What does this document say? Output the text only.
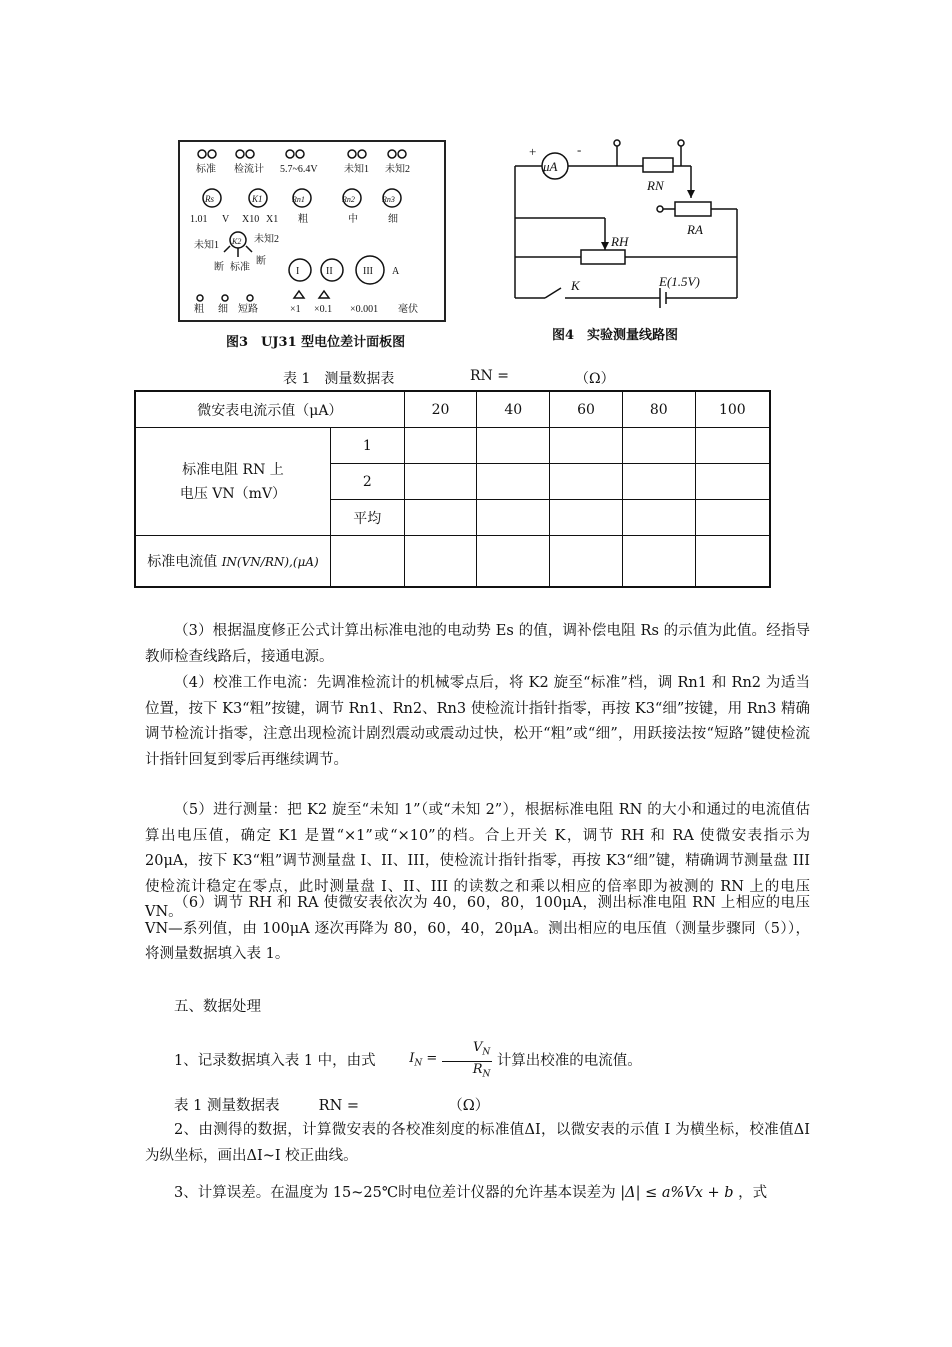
标准 检流计 5.7~6.4V	未知1 未知2
Rs	K1	Rn1	Rn2	Rn3
1.01 V X10 X1 粗	中	细
未知1 K2 未知2
断 标准
断
I	II	III A
粗 细 短路	×1 ×0.1 ×0.001 毫伏
图3　UJ31 型电位差计面板图
+	-
μA
RN
RA
RH
K	E(1.5V)
图4　实验测量线路图
表 1　测量数据表	RN =	（Ω）
微安表电流示值（μA）		20	40	60	80	100
标准电阻 RN 上
电压 VN（mV）	1					
	2					
	平均					
标准电流值 IN(VN/RN),(μA)						
（3）根据温度修正公式计算出标准电池的电动势 Es 的值，调补偿电阻 Rs 的示值为此值。经指导教师检查线路后，接通电源。
（4）校准工作电流：先调准检流计的机械零点后，将 K2 旋至“标准”档，调 Rn1 和 Rn2 为适当位置，按下 K3“粗”按键，调节 Rn1、Rn2、Rn3 使检流计指针指零，再按 K3“细”按键，用 Rn3 精确调节检流计指零，注意出现检流计剧烈震动或震动过快，松开“粗”或“细”，用跃接法按“短路”键使检流计指针回复到零后再继续调节。
（5）进行测量：把 K2 旋至“未知 1”（或“未知 2”），根据标准电阻 RN 的大小和通过的电流值估算出电压值，确定 K1 是置“×1”或“×10”的档。合上开关 K，调节 RH 和 RA 使微安表指示为 20μA，按下 K3“粗”调节测量盘 I、II、III，使检流计指针指零，再按 K3“细”键，精确调节测量盘 III 使检流计稳定在零点，此时测量盘 I、II、III 的读数之和乘以相应的倍率即为被测的 RN 上的电压 VN。
（6）调节 RH 和 RA 使微安表依次为 40，60，80，100μA，测出标准电阻 RN 上相应的电压 VN—系列值，由 100μA 逐次再降为 80，60，40，20μA。测出相应的电压值（测量步骤同（5）），将测量数据填入表 1。
五、数据处理
1、记录数据填入表 1 中，由式	$I_N = \frac{V_N}{R_N}$ 计算出校准的电流值。
表 1 测量数据表	RN =	（Ω）
2、由测得的数据，计算微安表的各校准刻度的标准值ΔI，以微安表的示值 I 为横坐标，校准值ΔI 为纵坐标，画出ΔI~I 校正曲线。
3、计算误差。在温度为 15~25℃时电位差计仪器的允许基本误差为 |Δ| ≤ a%Vx + b ，式
